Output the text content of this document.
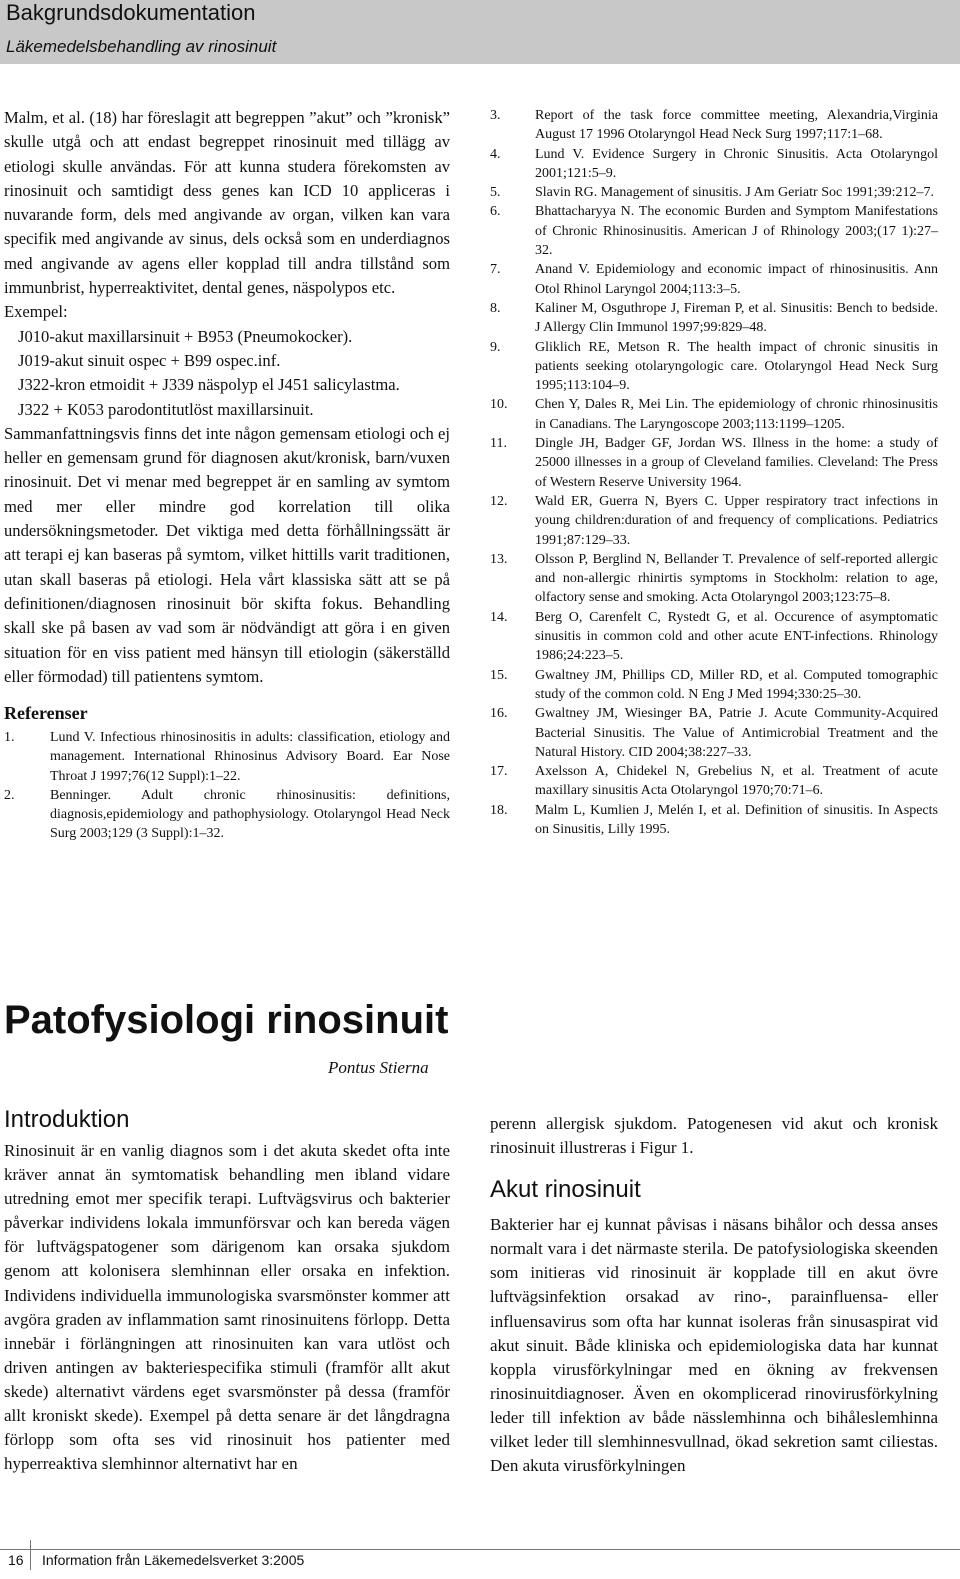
Bakgrundsdokumentation
Läkemedelsbehandling av rinosinuit

Malm, et al. (18) har föreslagit att begreppen ”akut” och ”kronisk” skulle utgå och att endast begreppet rinosinuit med tillägg av etiologi skulle användas. För att kunna studera förekomsten av rinosinuit och samtidigt dess genes kan ICD 10 appliceras i nuvarande form, dels med angivande av organ, vilken kan vara specifik med angivande av sinus, dels också som en underdiagnos med angivande av agens eller kopplad till andra tillstånd som immunbrist, hyperreaktivitet, dental genes, näspolypos etc.

Exempel:

J010-akut maxillarsinuit + B953 (Pneumokocker).

J019-akut sinuit ospec + B99 ospec.inf.

J322-kron etmoidit + J339 näspolyp el J451 salicylastma.

J322 + K053 parodontitutlöst maxillarsinuit.

Sammanfattningsvis finns det inte någon gemensam etiologi och ej heller en gemensam grund för diagnosen akut/kronisk, barn/vuxen rinosinuit. Det vi menar med begreppet är en samling av symtom med mer eller mindre god korrelation till olika undersökningsmetoder. Det viktiga med detta förhållningssätt är att terapi ej kan baseras på symtom, vilket hittills varit traditionen, utan skall baseras på etiologi. Hela vårt klassiska sätt att se på definitionen/diagnosen rinosinuit bör skifta fokus. Behandling skall ske på basen av vad som är nödvändigt att göra i en given situation för en viss patient med hänsyn till etiologin (säkerställd eller förmodad) till patientens symtom.

Referenser
1.	Lund V. Infectious rhinosinositis in adults: classification, etiology and management. International Rhinosinus Advisory Board. Ear Nose Throat J 1997;76(12 Suppl):1–22.
2.	Benninger. Adult chronic rhinosinusitis: definitions, diagnosis,epidemiology and pathophysiology. Otolaryngol Head Neck Surg 2003;129 (3 Suppl):1–32.
3.	Report of the task force committee meeting, Alexandria,Virginia August 17 1996 Otolaryngol Head Neck Surg 1997;117:1–68.
4.	Lund V. Evidence Surgery in Chronic Sinusitis. Acta Otolaryngol 2001;121:5–9.
5.	Slavin RG. Management of sinusitis. J Am Geriatr Soc 1991;39:212–7.
6.	Bhattacharyya N. The economic Burden and Symptom Manifestations of Chronic Rhinosinusitis. American J of Rhinology 2003;(17 1):27–32.
7.	Anand V. Epidemiology and economic impact of rhinosinusitis. Ann Otol Rhinol Laryngol 2004;113:3–5.
8.	Kaliner M, Osguthrope J, Fireman P, et al. Sinusitis: Bench to bedside. J Allergy Clin Immunol 1997;99:829–48.
9.	Gliklich RE, Metson R. The health impact of chronic sinusitis in patients seeking otolaryngologic care. Otolaryngol Head Neck Surg 1995;113:104–9.
10.	Chen Y, Dales R, Mei Lin. The epidemiology of chronic rhinosinusitis in Canadians. The Laryngoscope 2003;113:1199–1205.
11.	Dingle JH, Badger GF, Jordan WS. Illness in the home: a study of 25000 illnesses in a group of Cleveland families. Cleveland: The Press of Western Reserve University 1964.
12.	Wald ER, Guerra N, Byers C. Upper respiratory tract infections in young children:duration of and frequency of complications. Pediatrics 1991;87:129–33.
13.	Olsson P, Berglind N, Bellander T. Prevalence of self-reported allergic and non-allergic rhinirtis symptoms in Stockholm: relation to age, olfactory sense and smoking. Acta Otolaryngol 2003;123:75–8.
14.	Berg O, Carenfelt C, Rystedt G, et al. Occurence of asymptomatic sinusitis in common cold and other acute ENT-infections. Rhinology 1986;24:223–5.
15.	Gwaltney JM, Phillips CD, Miller RD, et al. Computed tomographic study of the common cold. N Eng J Med 1994;330:25–30.
16.	Gwaltney JM, Wiesinger BA, Patrie J. Acute Community-Acquired Bacterial Sinusitis. The Value of Antimicrobial Treatment and the Natural History. CID 2004;38:227–33.
17.	Axelsson A, Chidekel N, Grebelius N, et al. Treatment of acute maxillary sinusitis Acta Otolaryngol 1970;70:71–6.
18.	Malm L, Kumlien J, Melén I, et al. Definition of sinusitis. In Aspects on Sinusitis, Lilly 1995.
Patofysiologi rinosinuit
Pontus Stierna
Introduktion

Rinosinuit är en vanlig diagnos som i det akuta skedet ofta inte kräver annat än symtomatisk behandling men ibland vidare utredning emot mer specifik terapi. Luftvägsvirus och bakterier påverkar individens lokala immunförsvar och kan bereda vägen för luftvägspatogener som därigenom kan orsaka sjukdom genom att kolonisera slemhinnan eller orsaka en infektion. Individens individuella immunologiska svarsmönster kommer att avgöra graden av inflammation samt rinosinuitens förlopp. Detta innebär i förlängningen att rinosinuiten kan vara utlöst och driven antingen av bakteriespecifika stimuli (framför allt akut skede) alternativt värdens eget svarsmönster på dessa (framför allt kroniskt skede). Exempel på detta senare är det långdragna förlopp som ofta ses vid rinosinuit hos patienter med hyperreaktiva slemhinnor alternativt har en

perenn allergisk sjukdom. Patogenesen vid akut och kronisk rinosinuit illustreras i Figur 1.

Akut rinosinuit

Bakterier har ej kunnat påvisas i näsans bihålor och dessa anses normalt vara i det närmaste sterila. De patofysiologiska skeenden som initieras vid rinosinuit är kopplade till en akut övre luftvägsinfektion orsakad av rino-, parainfluensa- eller influensavirus som ofta har kunnat isoleras från sinusaspirat vid akut sinuit. Både kliniska och epidemiologiska data har kunnat koppla virusförkylningar med en ökning av frekvensen rinosinuitdiagnoser. Även en okomplicerad rinovirusförkylning leder till infektion av både nässlemhinna och bihåleslemhinna vilket leder till slemhinnesvullnad, ökad sekretion samt ciliestas. Den akuta virusförkylningen

16 Information från Läkemedelsverket 3:2005
